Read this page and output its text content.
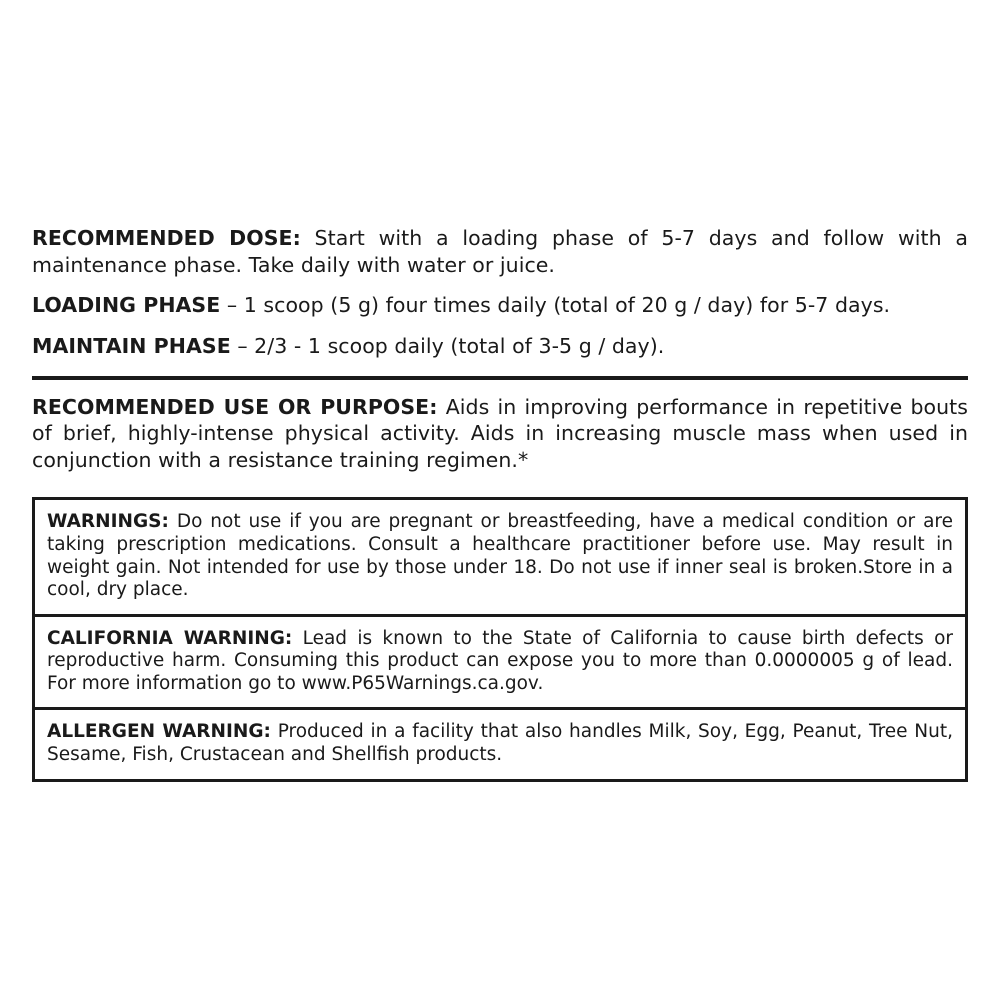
RECOMMENDED DOSE: Start with a loading phase of 5-7 days and follow with a maintenance phase. Take daily with water or juice.

LOADING PHASE – 1 scoop (5 g) four times daily (total of 20 g / day) for 5-7 days.

MAINTAIN PHASE – 2/3 - 1 scoop daily (total of 3-5 g / day).

RECOMMENDED USE OR PURPOSE: Aids in improving performance in repetitive bouts of brief, highly-intense physical activity. Aids in increasing muscle mass when used in conjunction with a resistance training regimen.*

WARNINGS: Do not use if you are pregnant or breastfeeding, have a medical condition or are taking prescription medications. Consult a healthcare practitioner before use. May result in weight gain. Not intended for use by those under 18. Do not use if inner seal is broken.Store in a cool, dry place.

CALIFORNIA WARNING: Lead is known to the State of California to cause birth defects or reproductive harm. Consuming this product can expose you to more than 0.0000005 g of lead. For more information go to www.P65Warnings.ca.gov.

ALLERGEN WARNING: Produced in a facility that also handles Milk, Soy, Egg, Peanut, Tree Nut, Sesame, Fish, Crustacean and Shellfish products.
